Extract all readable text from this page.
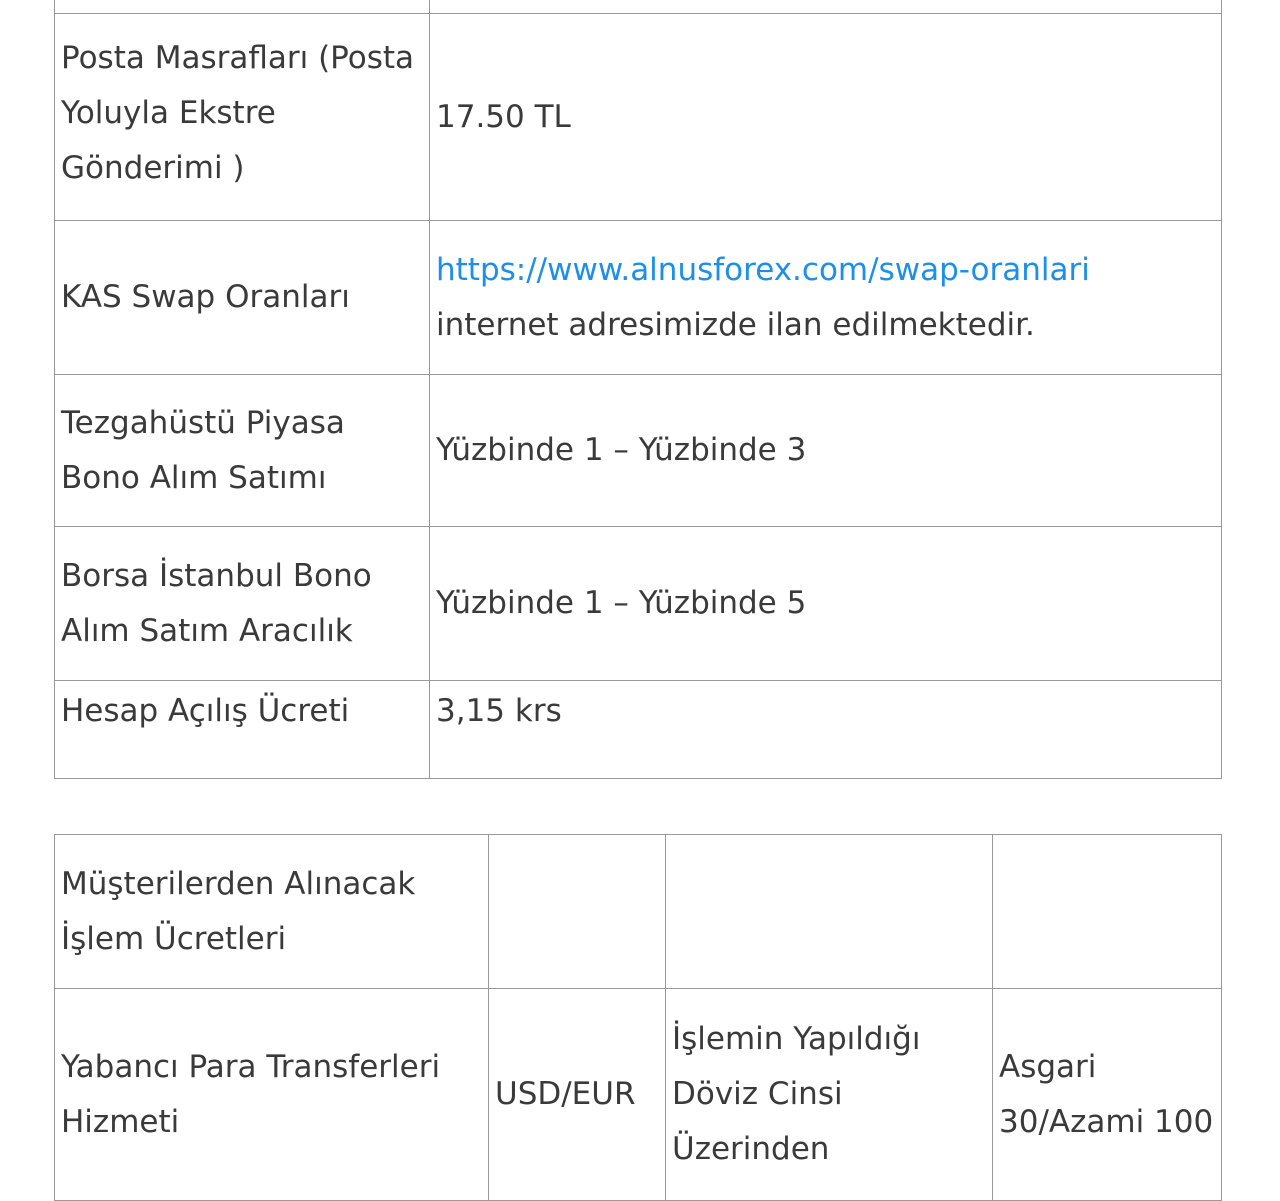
Posta Masrafları (Posta Yoluyla Ekstre Gönderimi )	17.50 TL
KAS Swap Oranları	https://www.alnusforex.com/swap-oranlari
internet adresimizde ilan edilmektedir.
Tezgahüstü Piyasa Bono Alım Satımı	Yüzbinde 1 – Yüzbinde 3
Borsa İstanbul Bono Alım Satım Aracılık	Yüzbinde 1 – Yüzbinde 5
Hesap Açılış Ücreti	3,15 krs
Müşterilerden Alınacak İşlem Ücretleri			
Yabancı Para Transferleri Hizmeti	USD/EUR	İşlemin Yapıldığı Döviz Cinsi Üzerinden	Asgari 30/Azami 100
